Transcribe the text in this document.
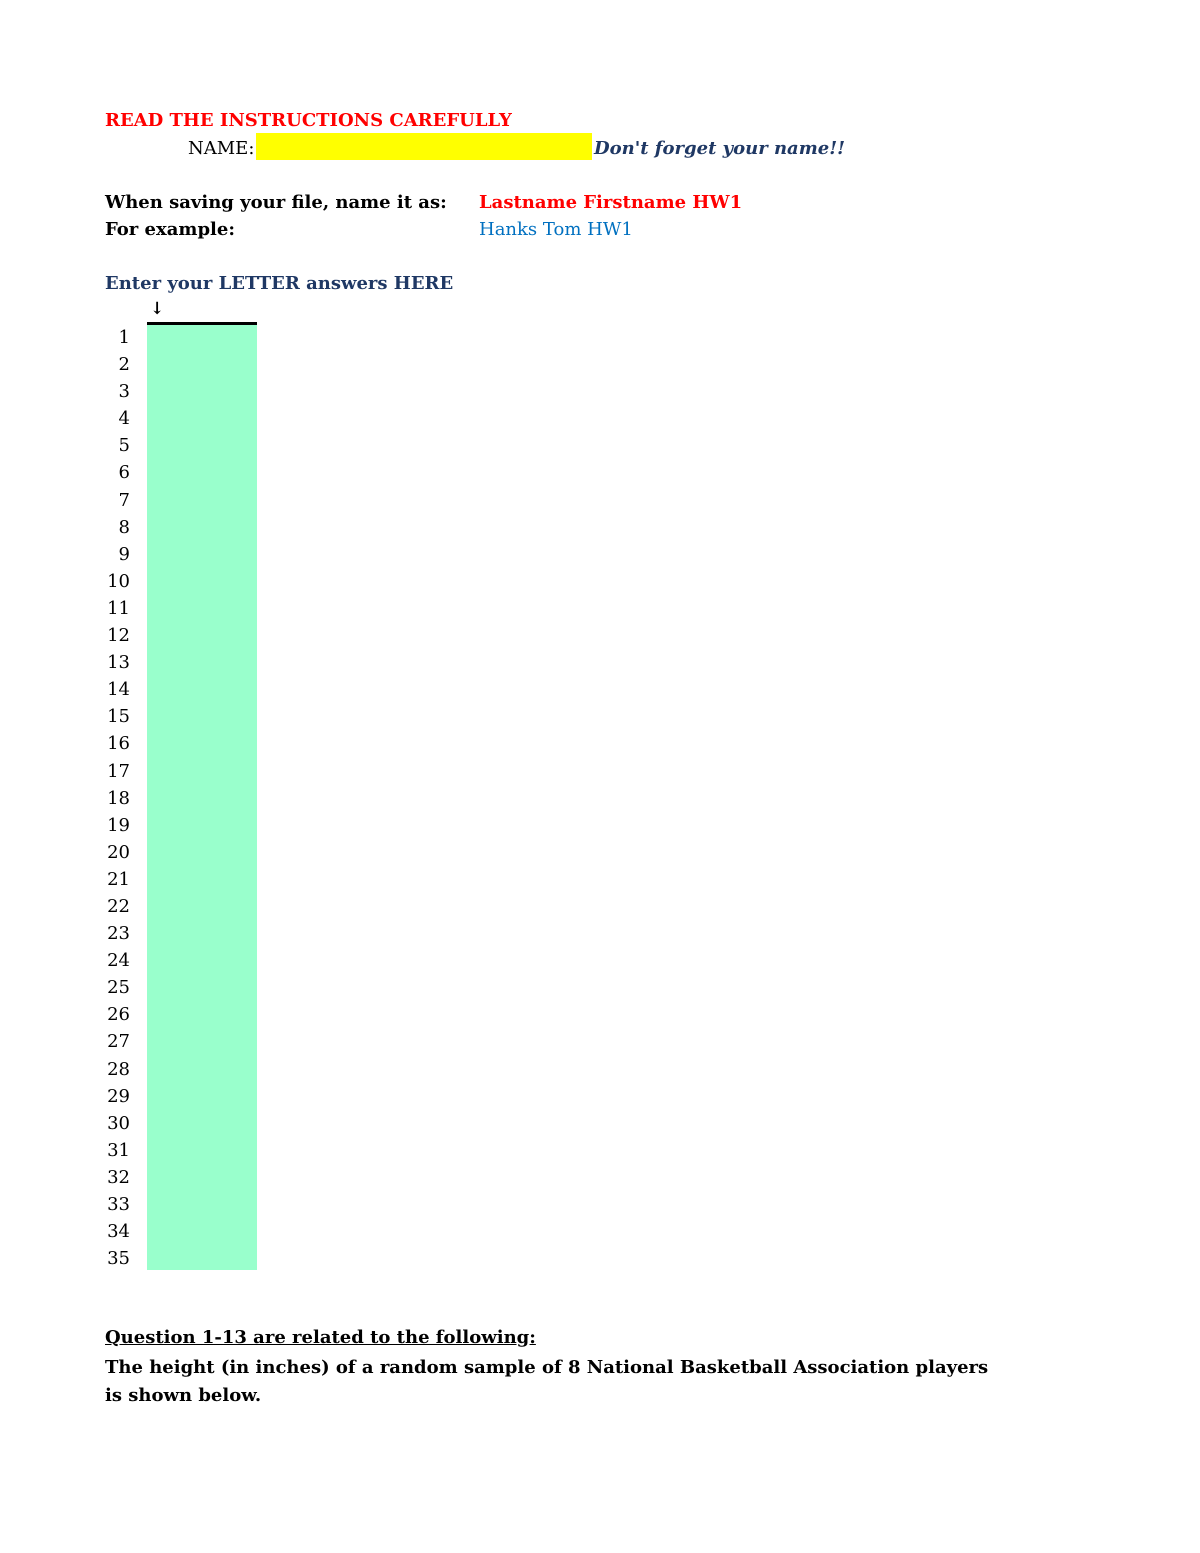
READ THE INSTRUCTIONS CAREFULLY
NAME:	Don't forget your name!!
When saving your file, name it as: Lastname Firstname HW1
For example:	Hanks Tom HW1
Enter your LETTER answers HERE
↓
1
2
3
4
5
6
7
8
9
10
11
12
13
14
15
16
17
18
19
20
21
22
23
24
25
26
27
28
29
30
31
32
33
34
35
Question 1-13 are related to the following:
The height (in inches) of a random sample of 8 National Basketball Association players is shown below.
